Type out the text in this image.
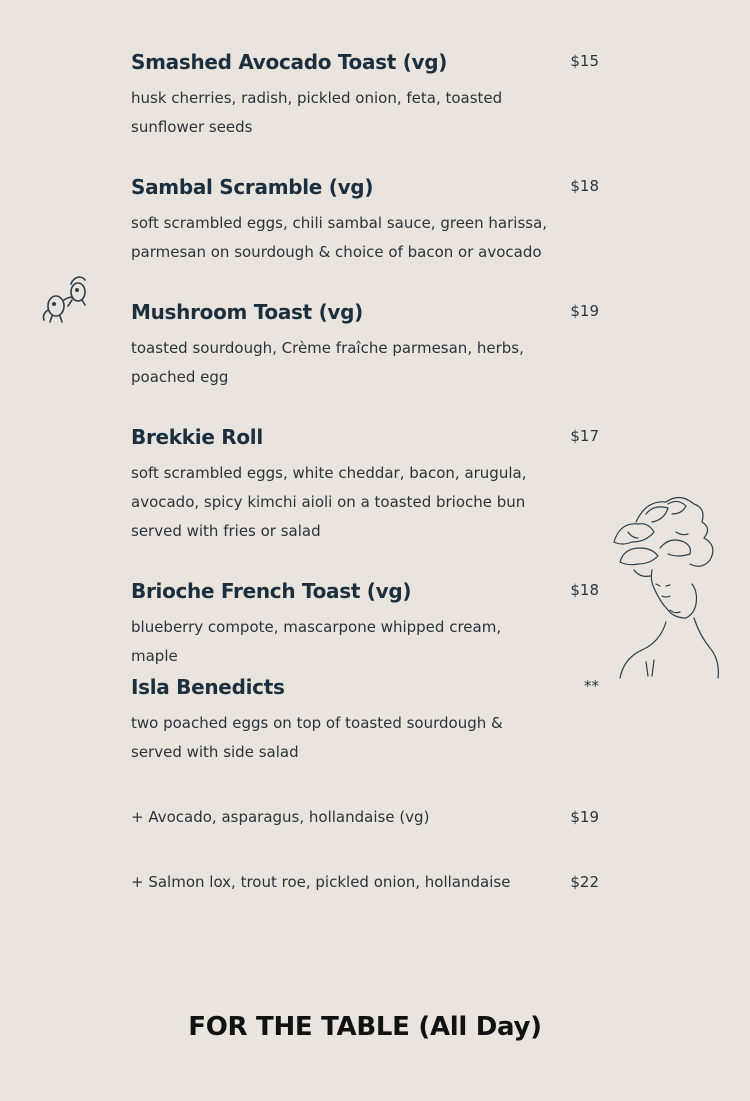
Smashed Avocado Toast (vg)	$15
husk cherries, radish, pickled onion, feta, toasted sunflower seeds
Sambal Scramble (vg)	$18
soft scrambled eggs, chili sambal sauce, green harissa, parmesan on sourdough & choice of bacon or avocado
Mushroom Toast (vg)	$19
toasted sourdough, Crème fraîche parmesan, herbs, poached egg
Brekkie Roll	$17
soft scrambled eggs, white cheddar, bacon, arugula, avocado, spicy kimchi aioli on a toasted brioche bun served with fries or salad
Brioche French Toast (vg)	$18
blueberry compote, mascarpone whipped cream, maple
Isla Benedicts	**
two poached eggs on top of toasted sourdough & served with side salad
+ Avocado, asparagus, hollandaise (vg)	$19
+ Salmon lox, trout roe, pickled onion, hollandaise	$22
FOR THE TABLE (All Day)
